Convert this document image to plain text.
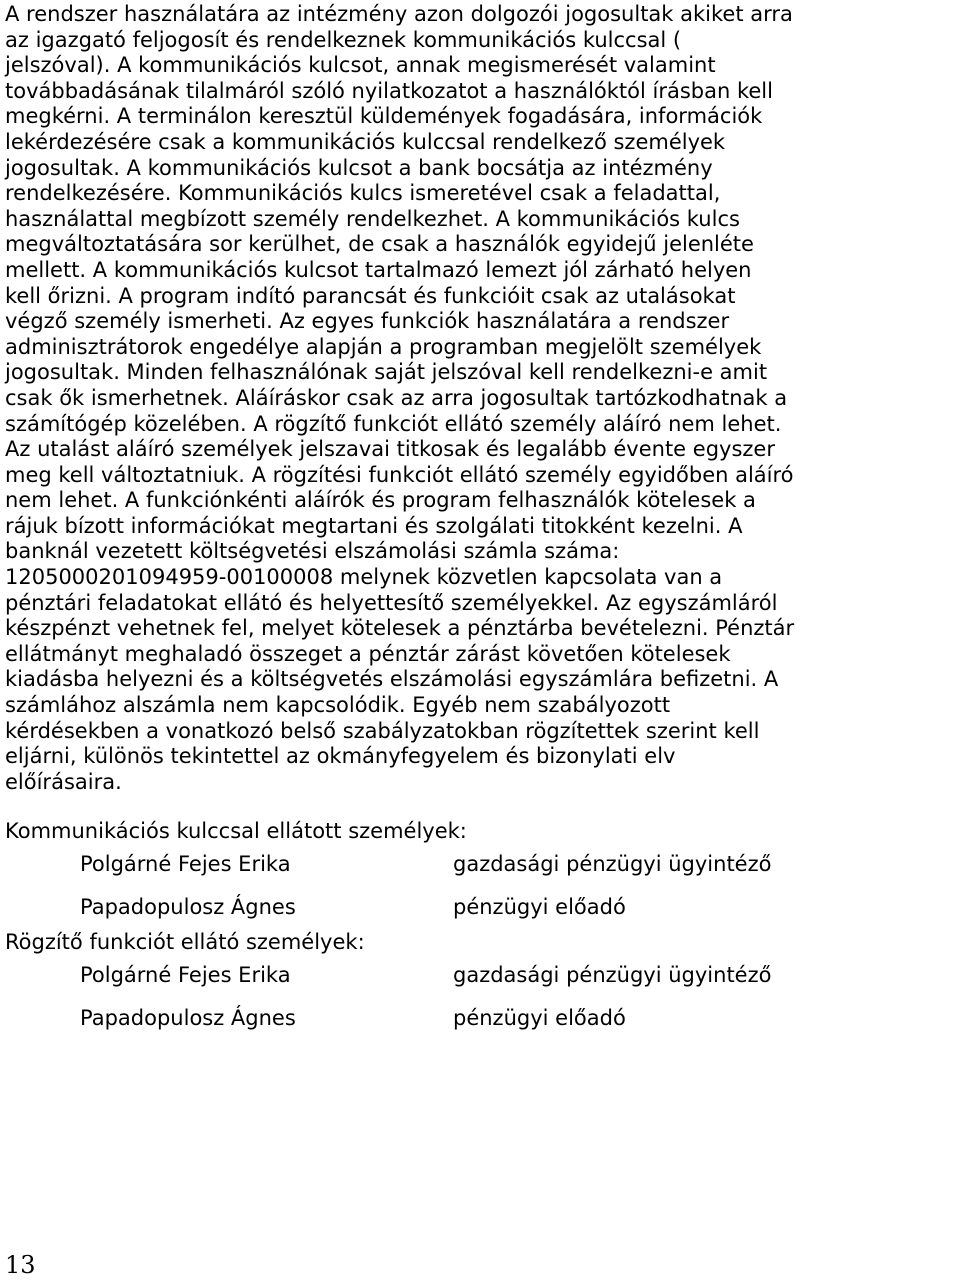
A rendszer használatára az intézmény azon dolgozói jogosultak akiket arra

az igazgató feljogosít és rendelkeznek kommunikációs kulccsal (

jelszóval). A kommunikációs kulcsot, annak megismerését valamint

továbbadásának tilalmáról szóló nyilatkozatot a használóktól írásban kell

megkérni. A terminálon keresztül küldemények fogadására, információk

lekérdezésére csak a kommunikációs kulccsal rendelkező személyek

jogosultak. A kommunikációs kulcsot a bank bocsátja az intézmény

rendelkezésére. Kommunikációs kulcs ismeretével csak a feladattal,

használattal megbízott személy rendelkezhet. A kommunikációs kulcs

megváltoztatására sor kerülhet, de csak a használók egyidejű jelenléte

mellett. A kommunikációs kulcsot tartalmazó lemezt jól zárható helyen

kell őrizni. A program indító parancsát és funkcióit csak az utalásokat

végző személy ismerheti. Az egyes funkciók használatára a rendszer

adminisztrátorok engedélye alapján a programban megjelölt személyek

jogosultak. Minden felhasználónak saját jelszóval kell rendelkezni-e amit

csak ők ismerhetnek. Aláíráskor csak az arra jogosultak tartózkodhatnak a

számítógép közelében. A rögzítő funkciót ellátó személy aláíró nem lehet.

Az utalást aláíró személyek jelszavai titkosak és legalább évente egyszer

meg kell változtatniuk. A rögzítési funkciót ellátó személy egyidőben aláíró

nem lehet. A funkciónkénti aláírók és program felhasználók kötelesek a

rájuk bízott információkat megtartani és szolgálati titokként kezelni. A

banknál vezetett költségvetési elszámolási számla száma:

12050002010949​59-00100008 melynek közvetlen kapcsolata van a

pénztári feladatokat ellátó és helyettesítő személyekkel. Az egyszámláról

készpénzt vehetnek fel, melyet kötelesek a pénztárba bevételezni. Pénztár

ellátmányt meghaladó összeget a pénztár zárást követően kötelesek

kiadásba helyezni és a költségvetés elszámolási egyszámlára befizetni. A

számlához alszámla nem kapcsolódik. Egyéb nem szabályozott

kérdésekben a vonatkozó belső szabályzatokban rögzítettek szerint kell

eljárni, különös tekintettel az okmányfegyelem és bizonylati elv

előírásaira.

Kommunikációs kulccsal ellátott személyek:
Polgárné Fejes Erika	gazdasági pénzügyi ügyintéző
Papadopulosz Ágnes	pénzügyi előadó
Rögzítő funkciót ellátó személyek:
Polgárné Fejes Erika	gazdasági pénzügyi ügyintéző
Papadopulosz Ágnes	pénzügyi előadó
13
